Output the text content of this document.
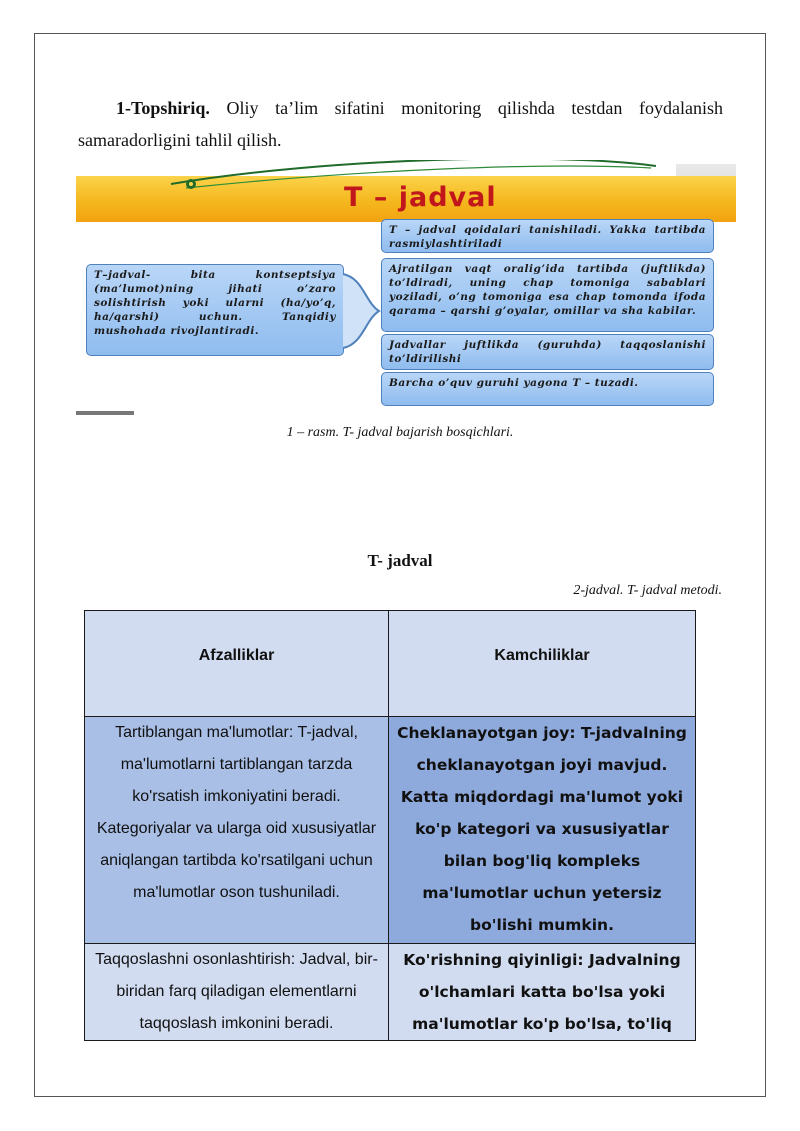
1-Topshiriq. Oliy ta’lim sifatini monitoring qilishda testdan foydalanish samaradorligini tahlil qilish.

T – jadval
T–jadval- bita kontseptsiya (ma’lumot)ning jihati o’zaro solishtirish yoki ularni (ha/yo’q, ha/qarshi) uchun. Tanqidiy mushohada rivojlantiradi.
T – jadval qoidalari tanishiladi. Yakka tartibda rasmiylashtiriladi
Ajratilgan vaqt oralig’ida tartibda (juftlikda) to’ldiradi, uning chap tomoniga sabablari yoziladi, o’ng tomoniga esa chap tomonda ifoda qarama – qarshi g’oyalar, omillar va sha kabilar.
Jadvallar juftlikda (guruhda) taqqoslanishi to’ldirilishi
Barcha o’quv guruhi yagona T – tuzadi.
1 – rasm. T- jadval bajarish bosqichlari.
T- jadval
2-jadval. T- jadval metodi.
Afzalliklar	Kamchiliklar
Tartiblangan ma'lumotlar: T-jadval, ma'lumotlarni tartiblangan tarzda ko'rsatish imkoniyatini beradi. Kategoriyalar va ularga oid xususiyatlar aniqlangan tartibda ko'rsatilgani uchun ma'lumotlar oson tushuniladi.	Cheklanayotgan joy: T-jadvalning cheklanayotgan joyi mavjud. Katta miqdordagi ma'lumot yoki ko'p kategori va xususiyatlar bilan bog'liq kompleks ma'lumotlar uchun yetersiz bo'lishi mumkin.
Taqqoslashni osonlashtirish: Jadval, bir-biridan farq qiladigan elementlarni taqqoslash imkonini beradi.	Ko'rishning qiyinligi: Jadvalning o'lchamlari katta bo'lsa yoki ma'lumotlar ko'p bo'lsa, to'liq
